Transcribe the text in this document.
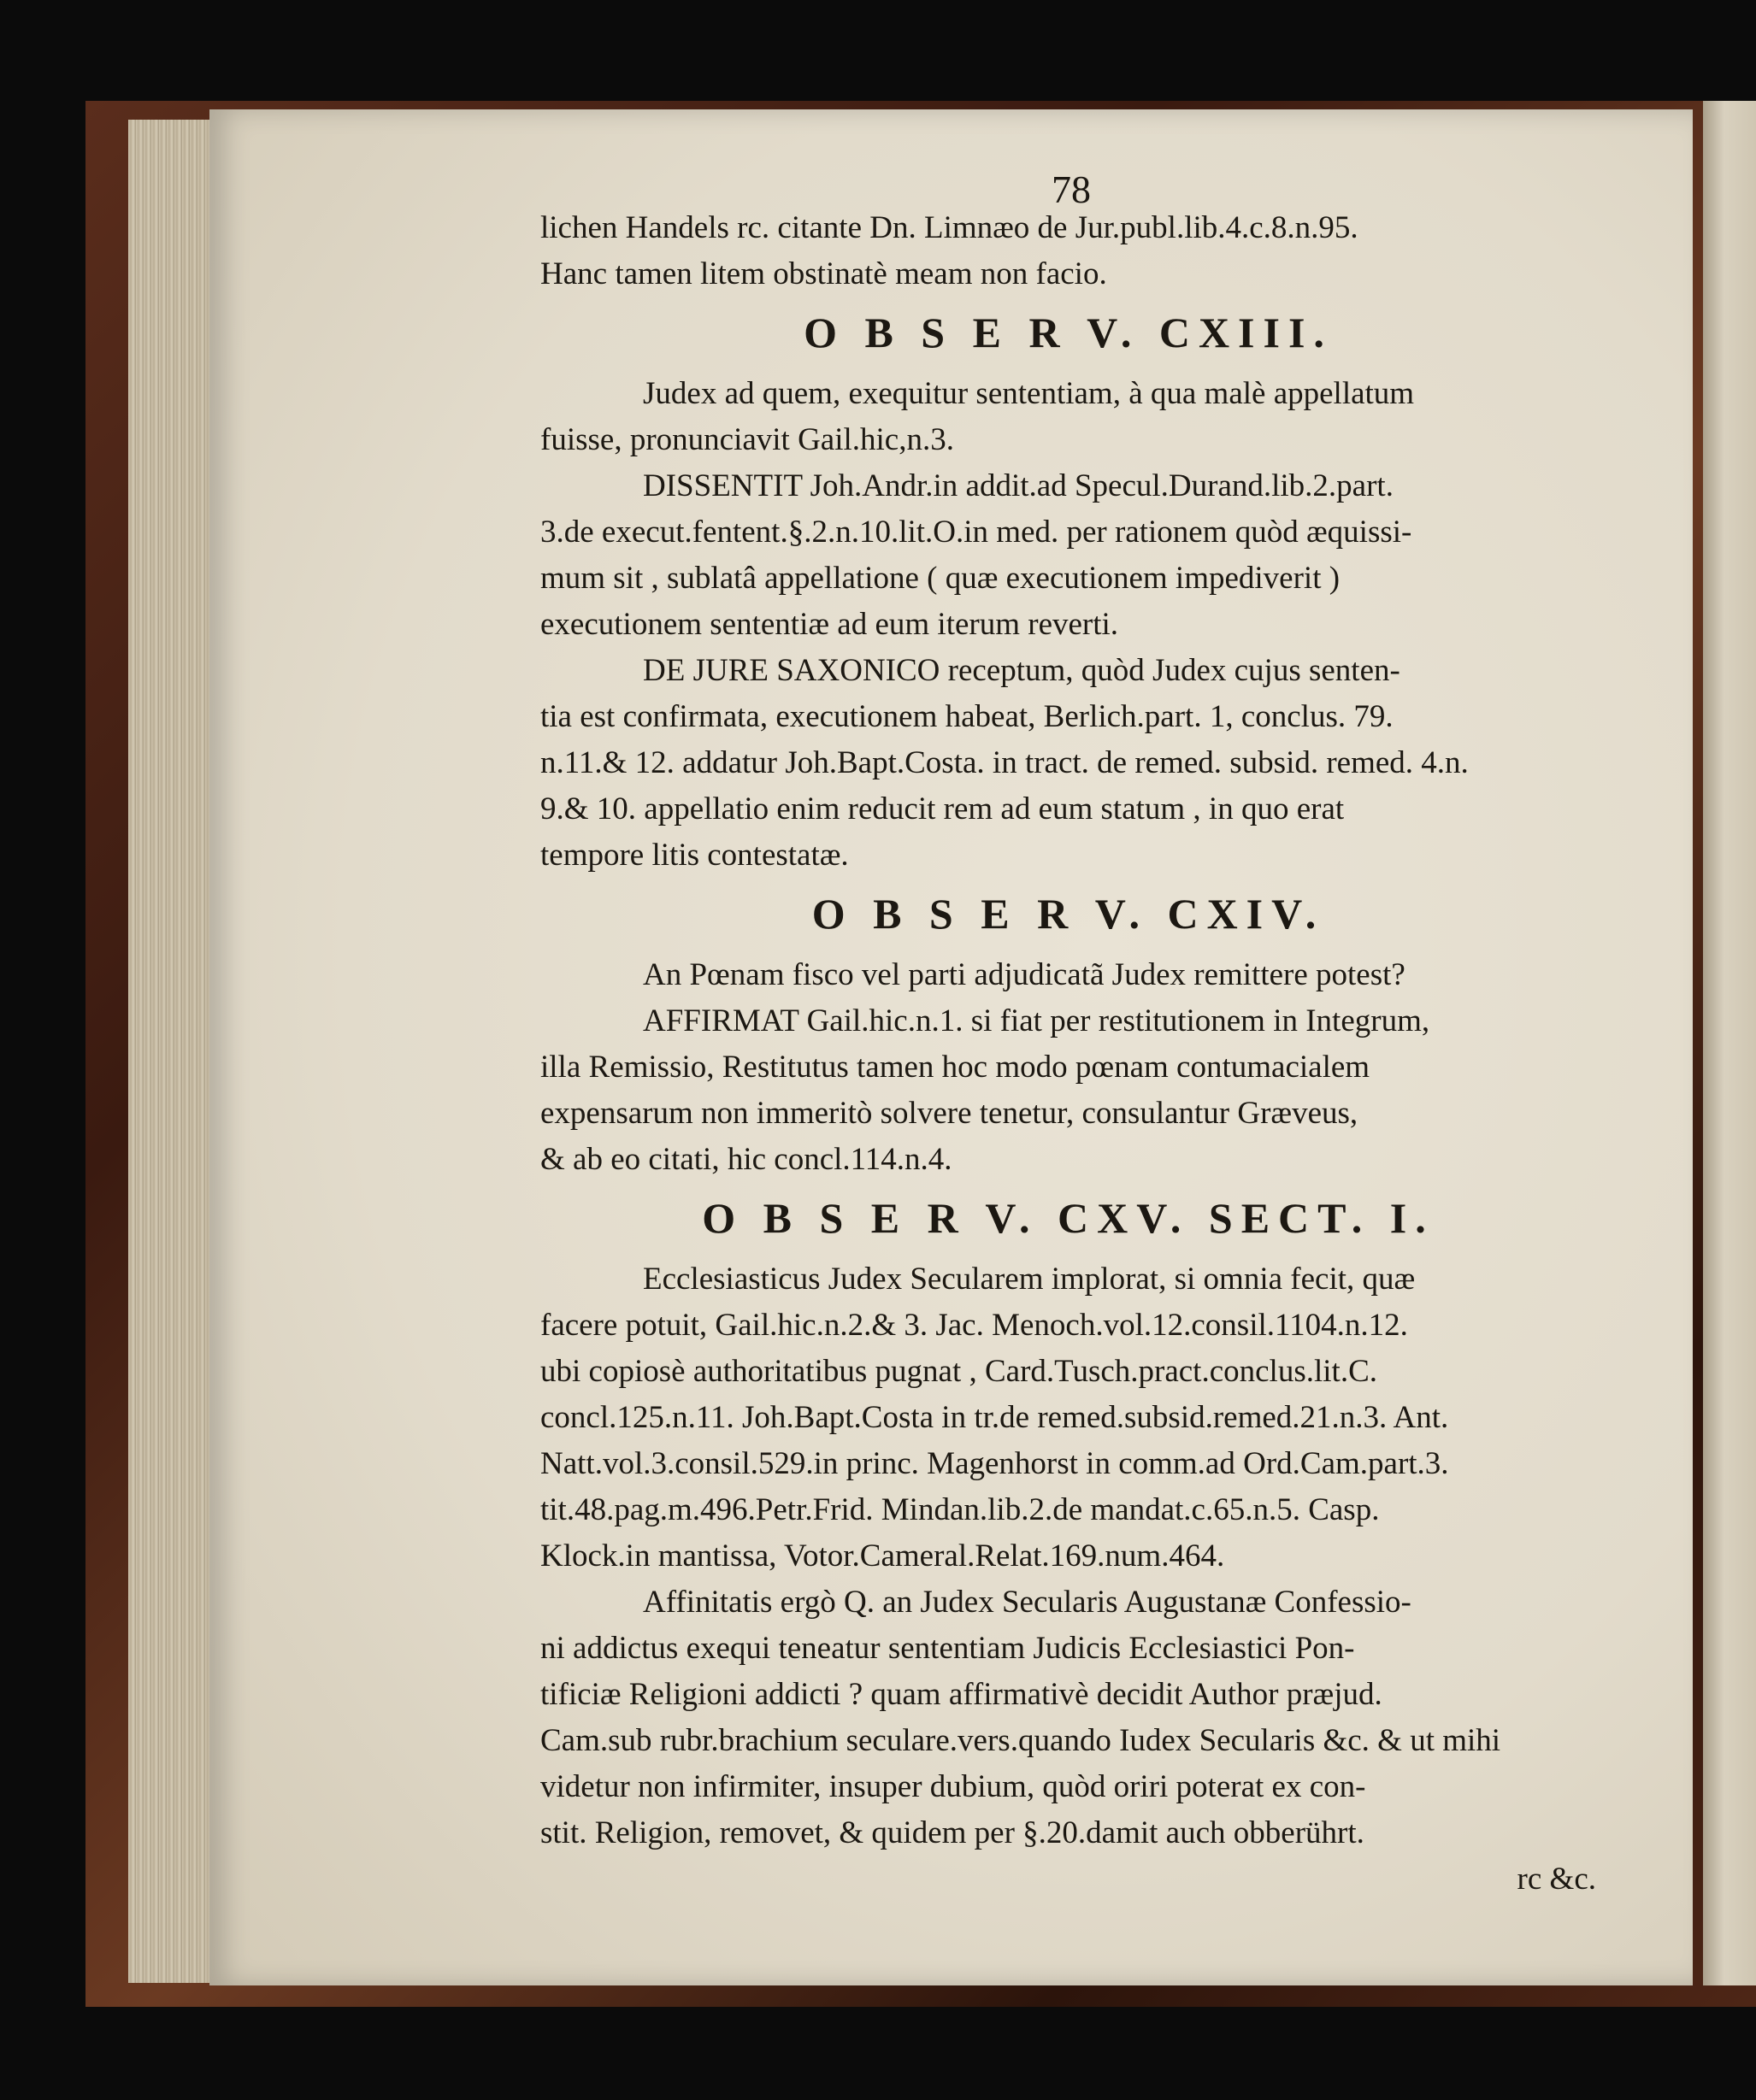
78

lichen Handels rc. citante Dn. Limnæo de Jur.publ.lib.4.c.8.n.95.
Hanc tamen litem obstinatè meam non facio.

O B S E R V. CXIII.

Judex ad quem, exequitur sententiam, à qua malè appellatum
fuisse, pronunciavit Gail.hic,n.3.

DISSENTIT Joh.Andr.in addit.ad Specul.Durand.lib.2.part.
3.de execut.fentent.§.2.n.10.lit.O.in med. per rationem quòd æquissi-
mum sit , sublatâ appellatione ( quæ executionem impediverit )
executionem sententiæ ad eum iterum reverti.

DE JURE SAXONICO receptum, quòd Judex cujus senten-
tia est confirmata, executionem habeat, Berlich.part. 1, conclus. 79.
n.11.& 12. addatur Joh.Bapt.Costa. in tract. de remed. subsid. remed. 4.n.
9.& 10. appellatio enim reducit rem ad eum statum , in quo erat
tempore litis contestatæ.

O B S E R V. CXIV.

An Pœnam fisco vel parti adjudicatã Judex remittere potest?

AFFIRMAT Gail.hic.n.1. si fiat per restitutionem in Integrum,
illa Remissio, Restitutus tamen hoc modo pœnam contumacialem
expensarum non immeritò solvere tenetur, consulantur Græveus,
& ab eo citati, hic concl.114.n.4.

O B S E R V. CXV. SECT. I.

Ecclesiasticus Judex Secularem implorat, si omnia fecit, quæ
facere potuit, Gail.hic.n.2.& 3. Jac. Menoch.vol.12.consil.1104.n.12.
ubi copiosè authoritatibus pugnat , Card.Tusch.pract.conclus.lit.C.
concl.125.n.11. Joh.Bapt.Costa in tr.de remed.subsid.remed.21.n.3. Ant.
Natt.vol.3.consil.529.in princ. Magenhorst in comm.ad Ord.Cam.part.3.
tit.48.pag.m.496.Petr.Frid. Mindan.lib.2.de mandat.c.65.n.5. Casp.
Klock.in mantissa, Votor.Cameral.Relat.169.num.464.

Affinitatis ergò Q. an Judex Secularis Augustanæ Confessio-
ni addictus exequi teneatur sententiam Judicis Ecclesiastici Pon-
tificiæ Religioni addicti ? quam affirmativè decidit Author præjud.
Cam.sub rubr.brachium seculare.vers.quando Iudex Secularis &c. & ut mihi
videtur non infirmiter, insuper dubium, quòd oriri poterat ex con-
stit. Religion, removet, & quidem per §.20.damit auch obberührt.

rc &c.
